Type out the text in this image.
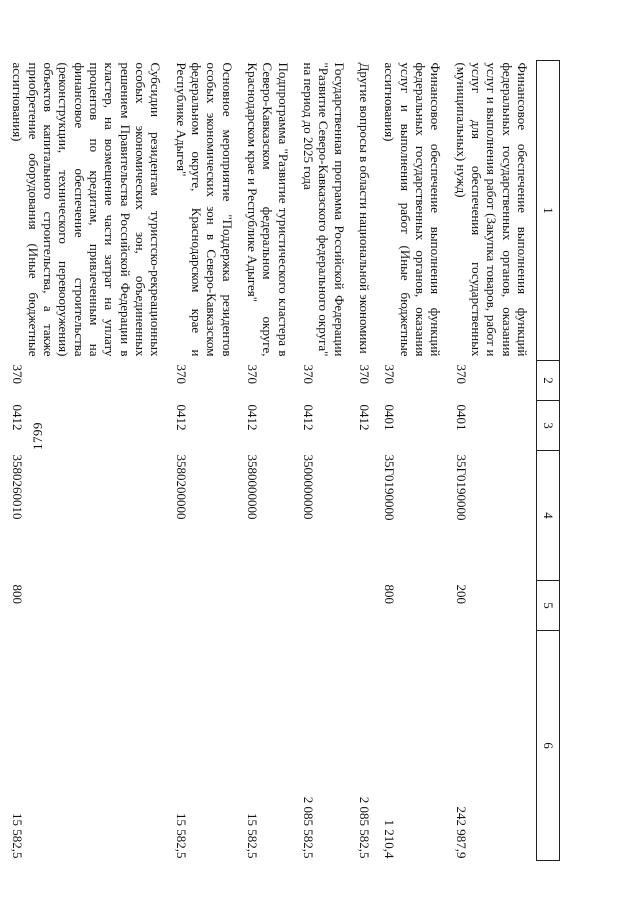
1799
1	2	3	4	5	6
Финансовое обеспечение выполнения функций федеральных государственных органов, оказания услуг и выполнения работ (Закупка товаров, работ и услуг для обеспечения государственных (муниципальных) нужд)	370	0401	35Г0190000	200	242 987,9
Финансовое обеспечение выполнения функций федеральных государственных органов, оказания услуг и выполнения работ (Иные бюджетные ассигнования)	370	0401	35Г0190000	800	1 210,4
Другие вопросы в области национальной экономики	370	0412			2 085 582,5
Государственная программа Российской Федерации "Развитие Северо-Кавказского федерального округа" на период до 2025 года	370	0412	3500000000		2 085 582,5
Подпрограмма "Развитие туристического кластера в Северо-Кавказском федеральном округе, Краснодарском крае и Республике Адыгея"	370	0412	3580000000		15 582,5
Основное мероприятие "Поддержка резидентов особых экономических зон в Северо-Кавказском федеральном округе, Краснодарском крае и Республике Адыгея"	370	0412	3580200000		15 582,5
Субсидии резидентам туристско-рекреационных особых экономических зон, объединенных решением Правительства Российской Федерации в кластер, на возмещение части затрат на уплату процентов по кредитам, привлеченным на финансовое обеспечение строительства (реконструкции, технического перевооружения) объектов капитального строительства, а также приобретение оборудования (Иные бюджетные ассигнования)	370	0412	3580260010	800	15 582,5
